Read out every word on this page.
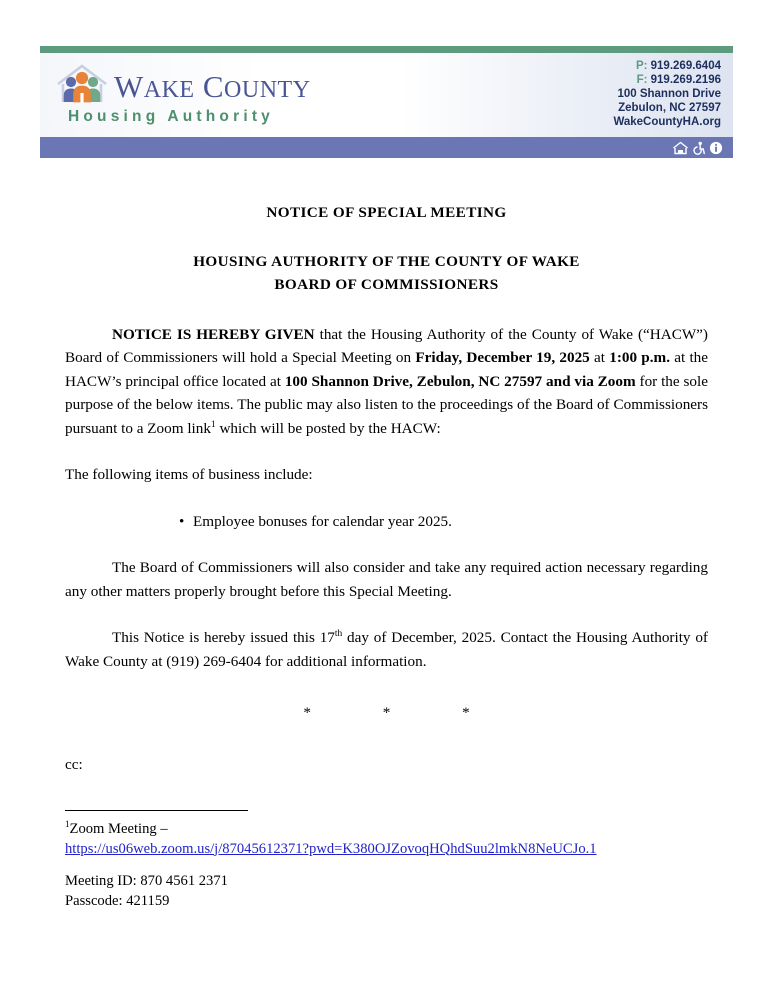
WAKE COUNTY
Housing Authority
P: 919.269.6404
F: 919.269.2196
100 Shannon Drive
Zebulon, NC 27597
WakeCountyHA.org
NOTICE OF SPECIAL MEETING
HOUSING AUTHORITY OF THE COUNTY OF WAKE
BOARD OF COMMISSIONERS

NOTICE IS HEREBY GIVEN that the Housing Authority of the County of Wake (“HACW”) Board of Commissioners will hold a Special Meeting on Friday, December 19, 2025 at 1:00 p.m. at the HACW’s principal office located at 100 Shannon Drive, Zebulon, NC 27597 and via Zoom for the sole purpose of the below items. The public may also listen to the proceedings of the Board of Commissioners pursuant to a Zoom link$^1$ which will be posted by the HACW:

The following items of business include:

• Employee bonuses for calendar year 2025.

The Board of Commissioners will also consider and take any required action necessary regarding any other matters properly brought before this Special Meeting.

This Notice is hereby issued this 17th day of December, 2025. Contact the Housing Authority of Wake County at (919) 269-6404 for additional information.

* * *

cc:

$^1$Zoom Meeting –

https://us06web.zoom.us/j/87045612371?pwd=K380OJZovoqHQhdSuu2lmkN8NeUCJo.1

Meeting ID: 870 4561 2371

Passcode: 421159
